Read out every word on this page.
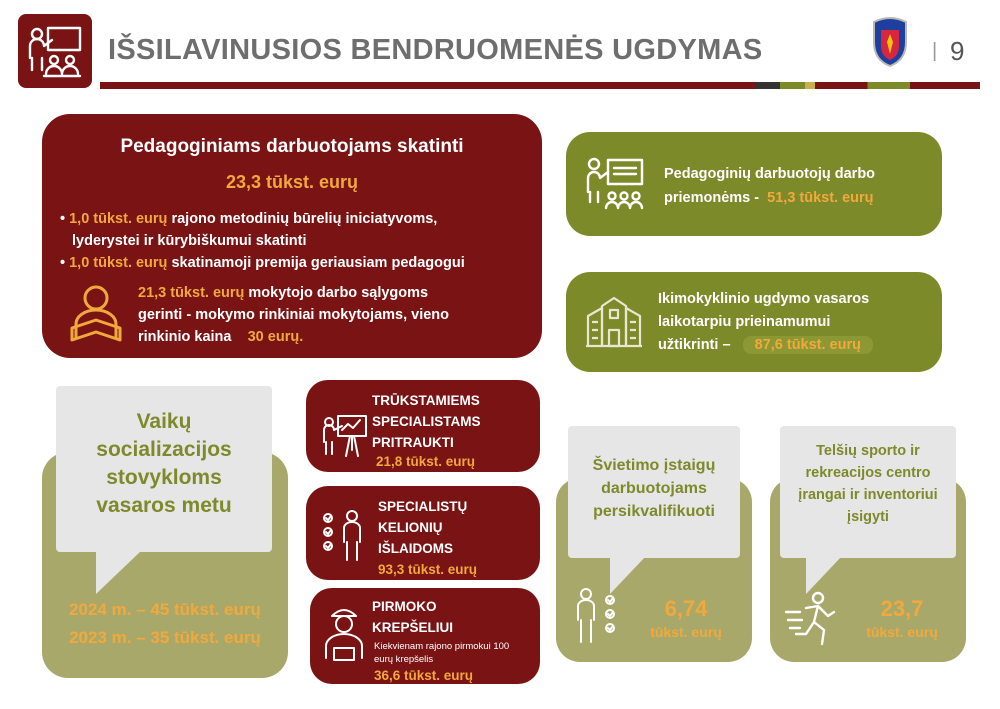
IŠSILAVINUSIOS BENDRUOMENĖS UGDYMAS	| 9
Pedagoginiams darbuotojams skatinti
23,3 tūkst. eurų
• 1,0 tūkst. eurų rajono metodinių būrelių iniciatyvoms,
lyderystei ir kūrybiškumui skatinti
• 1,0 tūkst. eurų skatinamoji premija geriausiam pedagogui
21,3 tūkst. eurų mokytojo darbo sąlygoms
gerinti - mokymo rinkiniai mokytojams, vieno
rinkinio kaina 30 eurų.
Pedagoginių darbuotojų darbo
priemonėms - 51,3 tūkst. eurų
Ikimokyklinio ugdymo vasaros
laikotarpiu prieinamumui
užtikrinti – 87,6 tūkst. eurų
2024 m. – 45 tūkst. eurų
2023 m. – 35 tūkst. eurų
Vaikų
socializacijos
stovykloms
vasaros metu
TRŪKSTAMIEMS
SPECIALISTAMS
PRITRAUKTI
21,8 tūkst. eurų
SPECIALISTŲ
KELIONIŲ
IŠLAIDOMS
93,3 tūkst. eurų
PIRMOKO
KREPŠELIUI
Kiekvienam rajono pirmokui 100
eurų krepšelis
36,6 tūkst. eurų
6,74
tūkst. eurų
Švietimo įstaigų
darbuotojams
persikvalifikuoti
23,7
tūkst. eurų
Telšių sporto ir
rekreacijos centro
įrangai ir inventoriui
įsigyti
